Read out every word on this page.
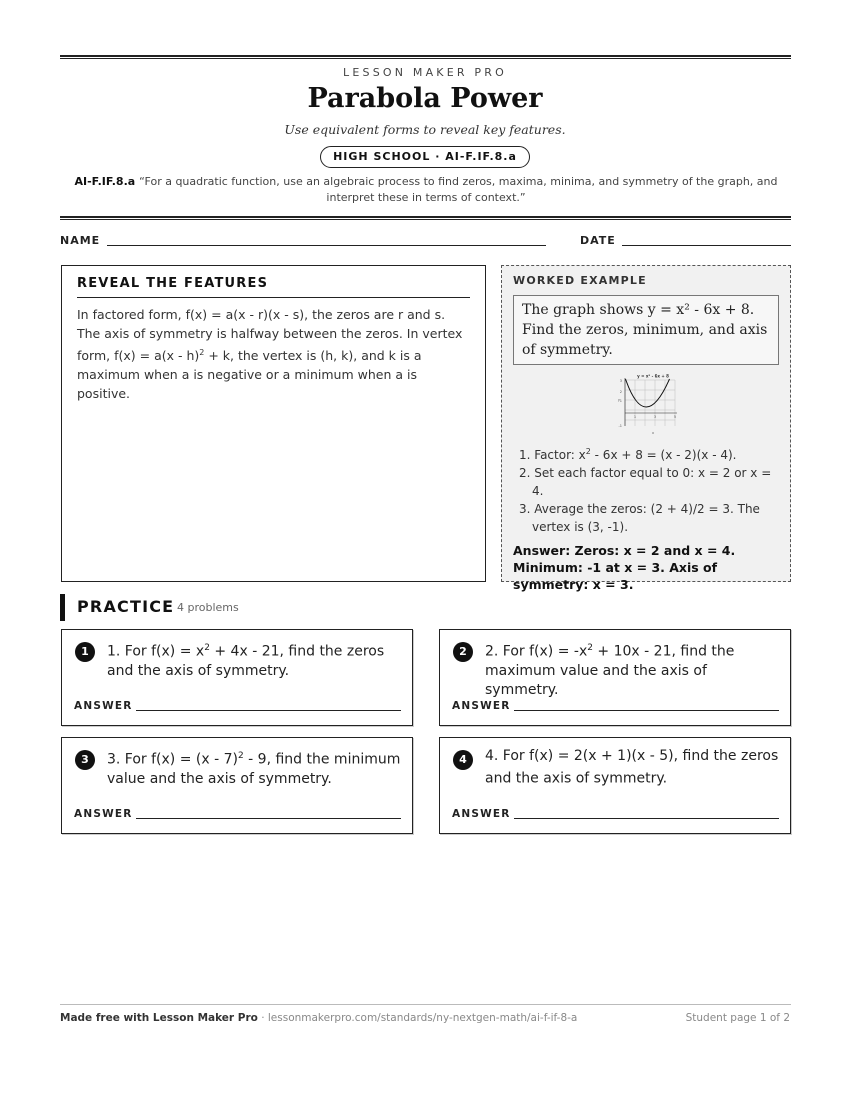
LESSON MAKER PRO
Parabola Power
Use equivalent forms to reveal key features.
HIGH SCHOOL · AI-F.IF.8.a
AI-F.IF.8.a “For a quadratic function, use an algebraic process to find zeros, maxima, minima, and symmetry of the graph, and interpret these in terms of context.”
NAME	DATE
REVEAL THE FEATURES

In factored form, f(x) = a(x - r)(x - s), the zeros are r and s. The axis of symmetry is halfway between the zeros. In vertex form, f(x) = a(x - h)$^2$ + k, the vertex is (h, k), and k is a maximum when a is negative or a minimum when a is positive.

WORKED EXAMPLE
The graph shows y = x² - 6x + 8. Find the zeros, minimum, and axis of symmetry.
y = x² - 6x + 8
3
2
y 1
-1
1	3	5
x
1. Factor: $x^2 - 6x + 8 = (x - 2)(x - 4)$.
2. Set each factor equal to 0: x = 2 or x = 4.
3. Average the zeros: (2 + 4)/2 = 3. The vertex is (3, -1).
Answer: Zeros: x = 2 and x = 4. Minimum: -1 at x = 3. Axis of symmetry: x = 3.
PRACTICE 4 problems
1	1. For $f(x) = x^2 + 4x - 21$, find the zeros and the axis of symmetry.
ANSWER
2	2. For $f(x) = -x^2 + 10x - 21$, find the maximum value and the axis of symmetry.
ANSWER
3	3. For f(x) = (x - 7)$^2$ - 9, find the minimum value and the axis of symmetry.
ANSWER
4	4. For f(x) = 2(x + 1)(x - 5), find the zeros and the axis of symmetry.
ANSWER
Made free with Lesson Maker Pro · lessonmakerpro.com/standards/ny-nextgen-math/ai-f-if-8-a	Student page 1 of 2
